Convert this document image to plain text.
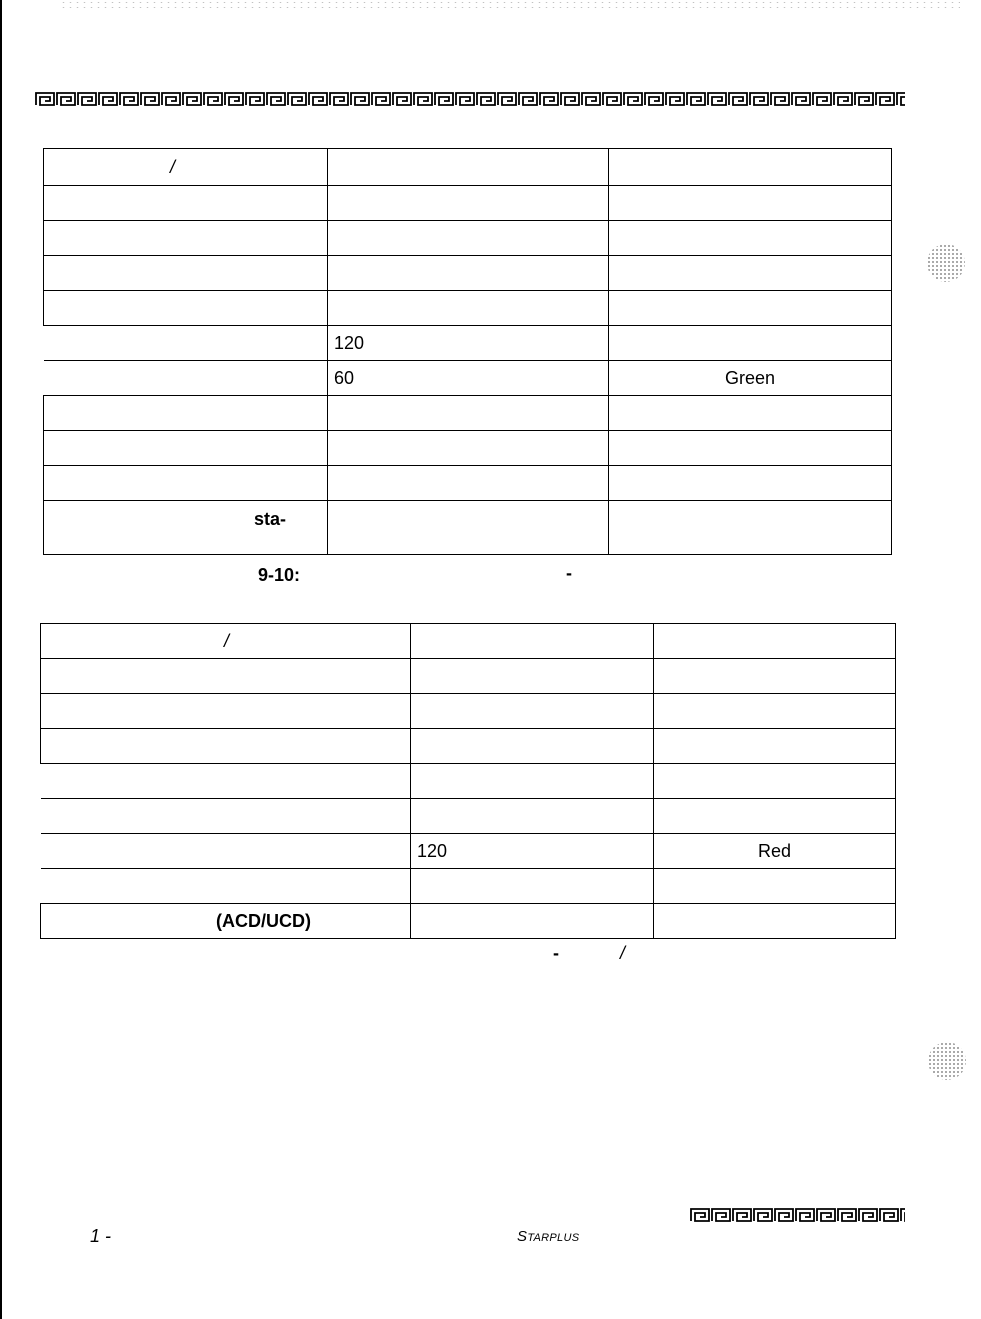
/		

	120	
	60	Green

sta-		
9-10:	-
/		

	120	Red

(ACD/UCD)		
-	/
1 -	STARPLUS
